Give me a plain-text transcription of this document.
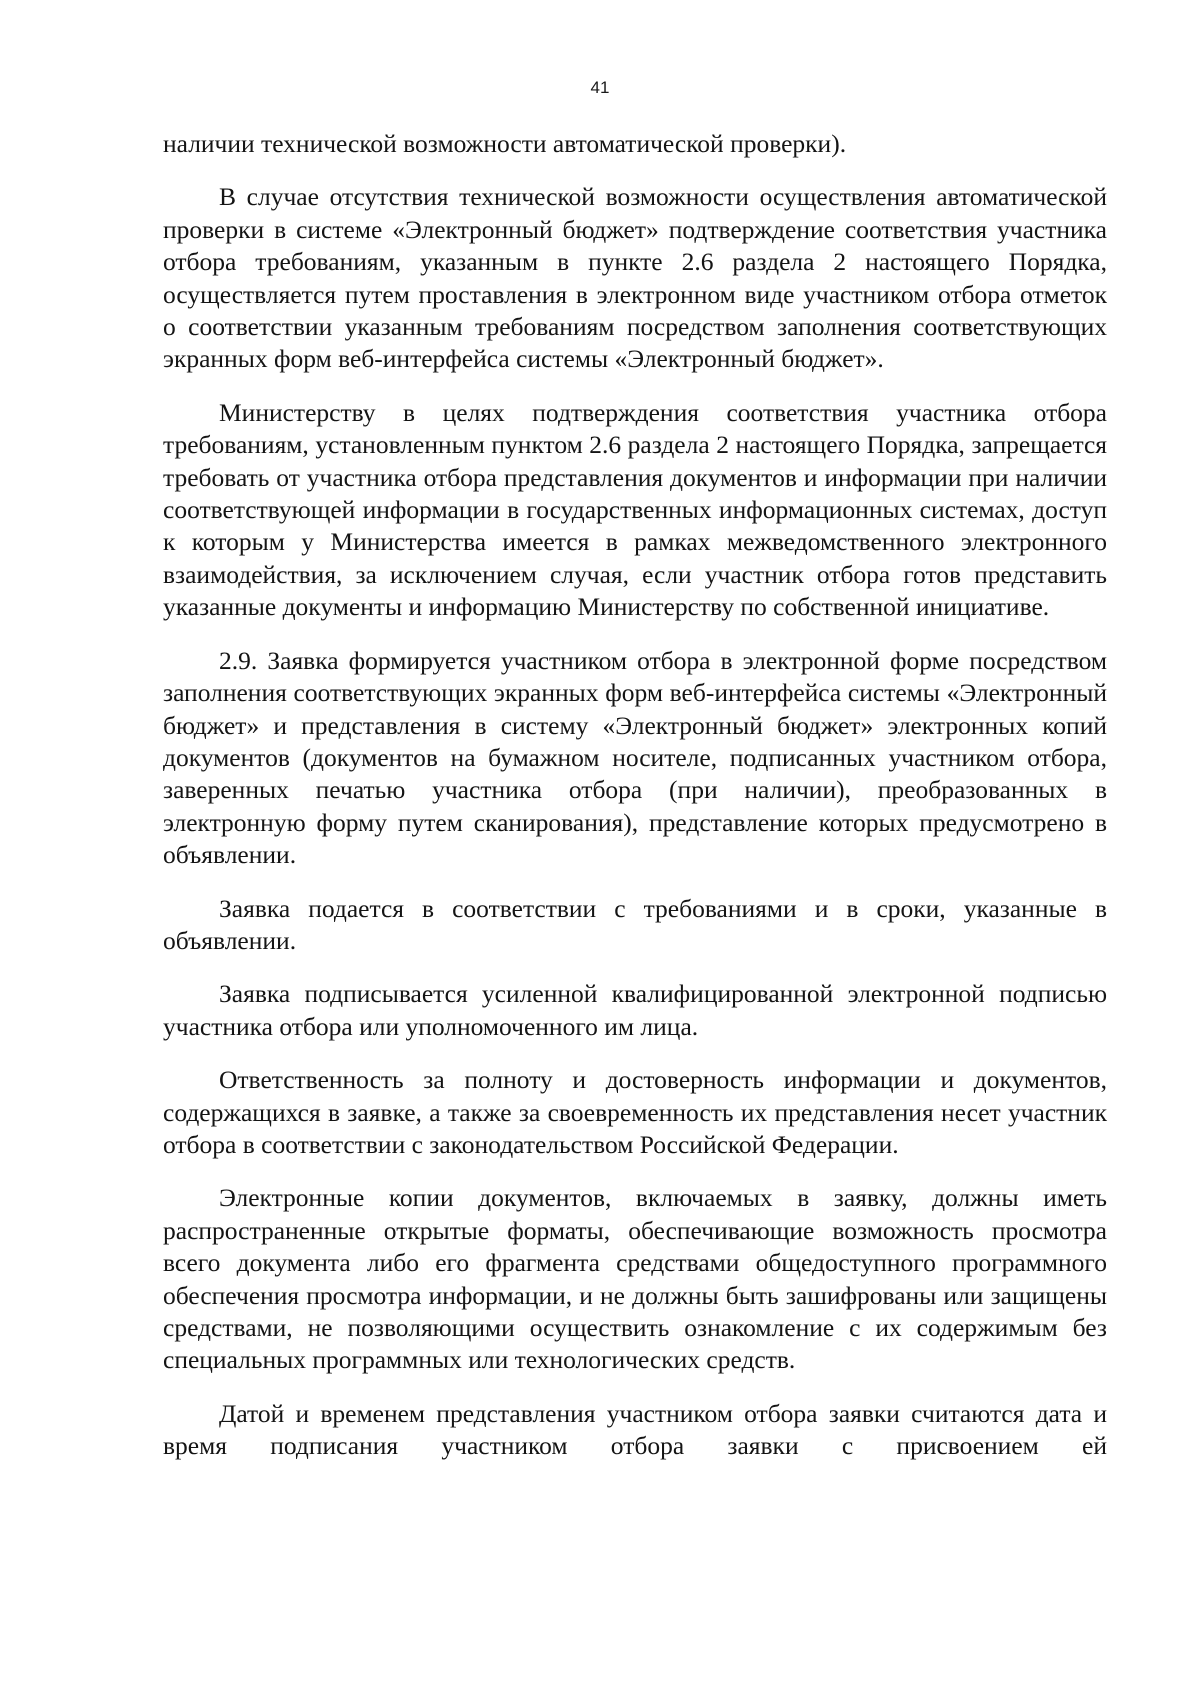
41

наличии технической возможности автоматической проверки).

В случае отсутствия технической возможности осуществления автоматической проверки в системе «Электронный бюджет» подтверждение соответствия участника отбора требованиям, указанным в пункте 2.6 раздела 2 настоящего Порядка, осуществляется путем проставления в электронном виде участником отбора отметок о соответствии указанным требованиям посредством заполнения соответствующих экранных форм веб-интерфейса системы «Электронный бюджет».

Министерству в целях подтверждения соответствия участника отбора требованиям, установленным пунктом 2.6 раздела 2 настоящего Порядка, запрещается требовать от участника отбора представления документов и информации при наличии соответствующей информации в государственных информационных системах, доступ к которым у Министерства имеется в рамках межведомственного электронного взаимодействия, за исключением случая, если участник отбора готов представить указанные документы и информацию Министерству по собственной инициативе.

2.9. Заявка формируется участником отбора в электронной форме посредством заполнения соответствующих экранных форм веб-интерфейса системы «Электронный бюджет» и представления в систему «Электронный бюджет» электронных копий документов (документов на бумажном носителе, подписанных участником отбора, заверенных печатью участника отбора (при наличии), преобразованных в электронную форму путем сканирования), представление которых предусмотрено в объявлении.

Заявка подается в соответствии с требованиями и в сроки, указанные в объявлении.

Заявка подписывается усиленной квалифицированной электронной подписью участника отбора или уполномоченного им лица.

Ответственность за полноту и достоверность информации и документов, содержащихся в заявке, а также за своевременность их представления несет участник отбора в соответствии с законодательством Российской Федерации.

Электронные копии документов, включаемых в заявку, должны иметь распространенные открытые форматы, обеспечивающие возможность просмотра всего документа либо его фрагмента средствами общедоступного программного обеспечения просмотра информации, и не должны быть зашифрованы или защищены средствами, не позволяющими осуществить ознакомление с их содержимым без специальных программных или технологических средств.

Датой и временем представления участником отбора заявки считаются дата и время подписания участником отбора заявки с присвоением ей
